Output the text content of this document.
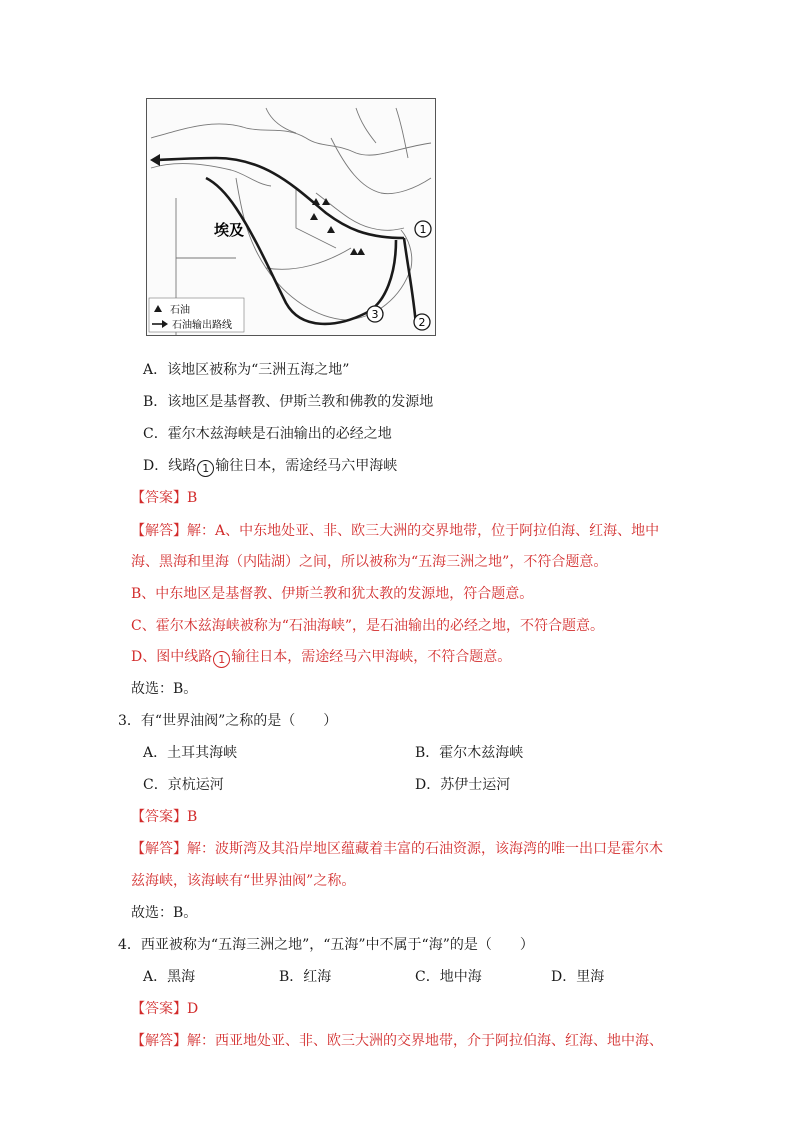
1
2
3
埃及
石油
石油输出路线
A．该地区被称为“三洲五海之地”
B．该地区是基督教、伊斯兰教和佛教的发源地
C．霍尔木兹海峡是石油输出的必经之地
D．线路 1 输往日本，需途经马六甲海峡
【答案】B
【解答】解：A、中东地处亚、非、欧三大洲的交界地带，位于阿拉伯海、红海、地中
海、黑海和里海（内陆湖）之间，所以被称为“五海三洲之地”，不符合题意。
B、中东地区是基督教、伊斯兰教和犹太教的发源地，符合题意。
C、霍尔木兹海峡被称为“石油海峡”，是石油输出的必经之地，不符合题意。
D、图中线路 1 输往日本，需途经马六甲海峡，不符合题意。
故选：B。
3．有“世界油阀”之称的是（　　）
A．土耳其海峡	B．霍尔木兹海峡
C．京杭运河	D．苏伊士运河
【答案】B
【解答】解：波斯湾及其沿岸地区蕴藏着丰富的石油资源，该海湾的唯一出口是霍尔木
兹海峡，该海峡有“世界油阀”之称。
故选：B。
4．西亚被称为“五海三洲之地”，“五海”中不属于“海”的是（　　）
A．黑海	B．红海	C．地中海	D．里海
【答案】D
【解答】解：西亚地处亚、非、欧三大洲的交界地带，介于阿拉伯海、红海、地中海、
